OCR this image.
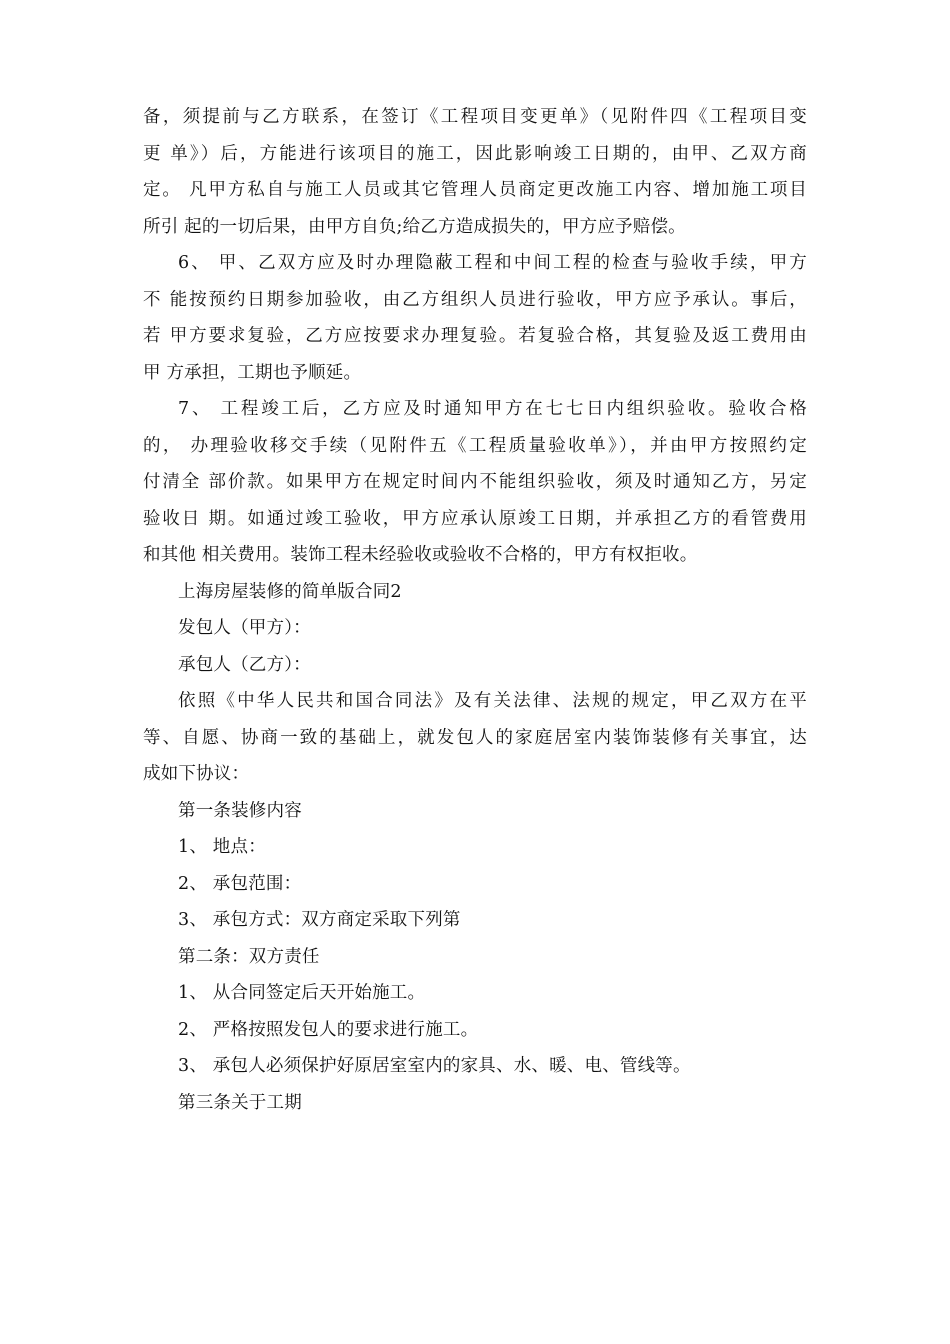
备，须提前与乙方联系，在签订《工程项目变更单》（见附件四《工程项目变
更 单》）后，方能进行该项目的施工，因此影响竣工日期的，由甲、乙双方商
定。 凡甲方私自与施工人员或其它管理人员商定更改施工内容、增加施工项目
所引 起的一切后果，由甲方自负;给乙方造成损失的，甲方应予赔偿。
6、 甲、乙双方应及时办理隐蔽工程和中间工程的检查与验收手续，甲方
不 能按预约日期参加验收，由乙方组织人员进行验收，甲方应予承认。事后，
若 甲方要求复验，乙方应按要求办理复验。若复验合格，其复验及返工费用由
甲 方承担，工期也予顺延。
7、 工程竣工后，乙方应及时通知甲方在七七日内组织验收。验收合格
的， 办理验收移交手续（见附件五《工程质量验收单》），并由甲方按照约定
付清全 部价款。如果甲方在规定时间内不能组织验收，须及时通知乙方，另定
验收日 期。如通过竣工验收，甲方应承认原竣工日期，并承担乙方的看管费用
和其他 相关费用。装饰工程未经验收或验收不合格的，甲方有权拒收。
上海房屋装修的简单版合同2
发包人（甲方）：
承包人（乙方）：
依照《中华人民共和国合同法》及有关法律、法规的规定，甲乙双方在平
等、自愿、协商一致的基础上，就发包人的家庭居室内装饰装修有关事宜，达
成如下协议：
第一条装修内容
1、 地点：
2、 承包范围：
3、 承包方式：双方商定采取下列第
第二条：双方责任
1、 从合同签定后天开始施工。
2、 严格按照发包人的要求进行施工。
3、 承包人必须保护好原居室室内的家具、水、暖、电、管线等。
第三条关于工期
